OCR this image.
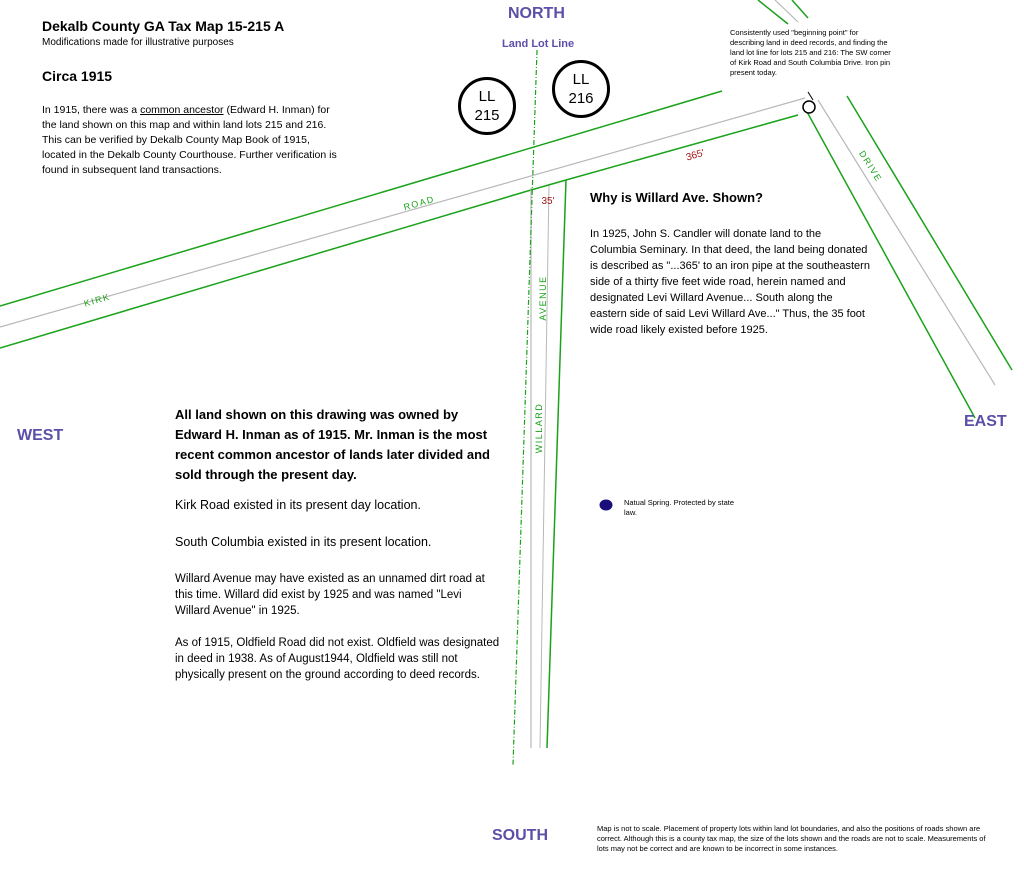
KIRK
ROAD
AVENUE
WILLARD
DRIVE
365'
35'
Dekalb County GA Tax Map 15-215 A
Modifications made for illustrative purposes
Circa 1915
In 1915, there was a common ancestor (Edward H. Inman) for the land shown on this map and within land lots 215 and 216. This can be verified by Dekalb County Map Book of 1915, located in the Dekalb County Courthouse. Further verification is found in subsequent land transactions.
NORTH
SOUTH
EAST
WEST
Land Lot Line
LL
215
LL
216
Consistently used "beginning point" for describing land in deed records, and finding the land lot line for lots 215 and 216: The SW corner of Kirk Road and South Columbia Drive. Iron pin present today.
Why is Willard Ave. Shown?
In 1925, John S. Candler will donate land to the Columbia Seminary. In that deed, the land being donated is described as "...365' to an iron pipe at the southeastern side of a thirty five feet wide road, herein named and designated Levi Willard Avenue... South along the eastern side of said Levi Willard Ave..." Thus, the 35 foot wide road likely existed before 1925.
All land shown on this drawing was owned by Edward H. Inman as of 1915. Mr. Inman is the most recent common ancestor of lands later divided and sold through the present day.
Kirk Road existed in its present day location.
South Columbia existed in its present location.
Willard Avenue may have existed as an unnamed dirt road at this time. Willard did exist by 1925 and was named "Levi Willard Avenue" in 1925.
As of 1915, Oldfield Road did not exist. Oldfield was designated in deed in 1938. As of August1944, Oldfield was still not physically present on the ground according to deed records.
Natual Spring. Protected by state law.
Map is not to scale. Placement of property lots within land lot boundaries, and also the positions of roads shown are correct. Although this is a county tax map, the size of the lots shown and the roads are not to scale. Measurements of lots may not be correct and are known to be incorrect in some instances.
